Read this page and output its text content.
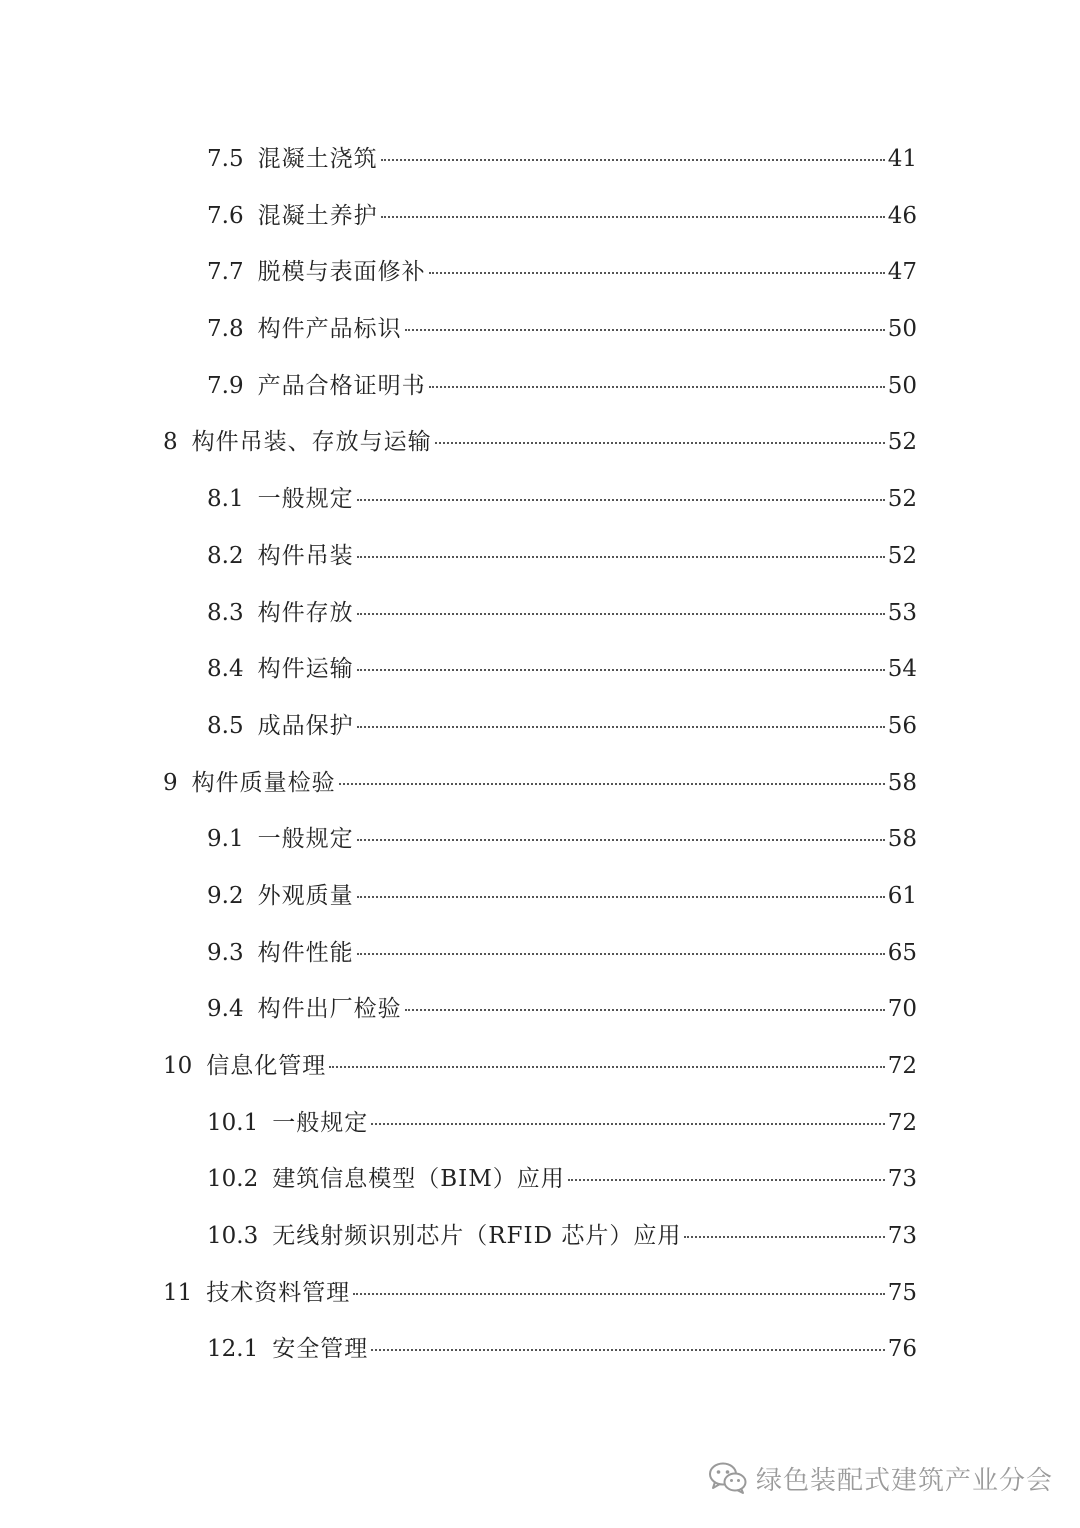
7.5 混凝土浇筑	41
7.6 混凝土养护	46
7.7 脱模与表面修补	47
7.8 构件产品标识	50
7.9 产品合格证明书	50
8 构件吊装、存放与运输	52
8.1 一般规定	52
8.2 构件吊装	52
8.3 构件存放	53
8.4 构件运输	54
8.5 成品保护	56
9 构件质量检验	58
9.1 一般规定	58
9.2 外观质量	61
9.3 构件性能	65
9.4 构件出厂检验	70
10 信息化管理	72
10.1 一般规定	72
10.2 建筑信息模型（BIM）应用	73
10.3 无线射频识别芯片（RFID 芯片）应用	73
11 技术资料管理	75
12.1 安全管理	76
绿色装配式建筑产业分会
